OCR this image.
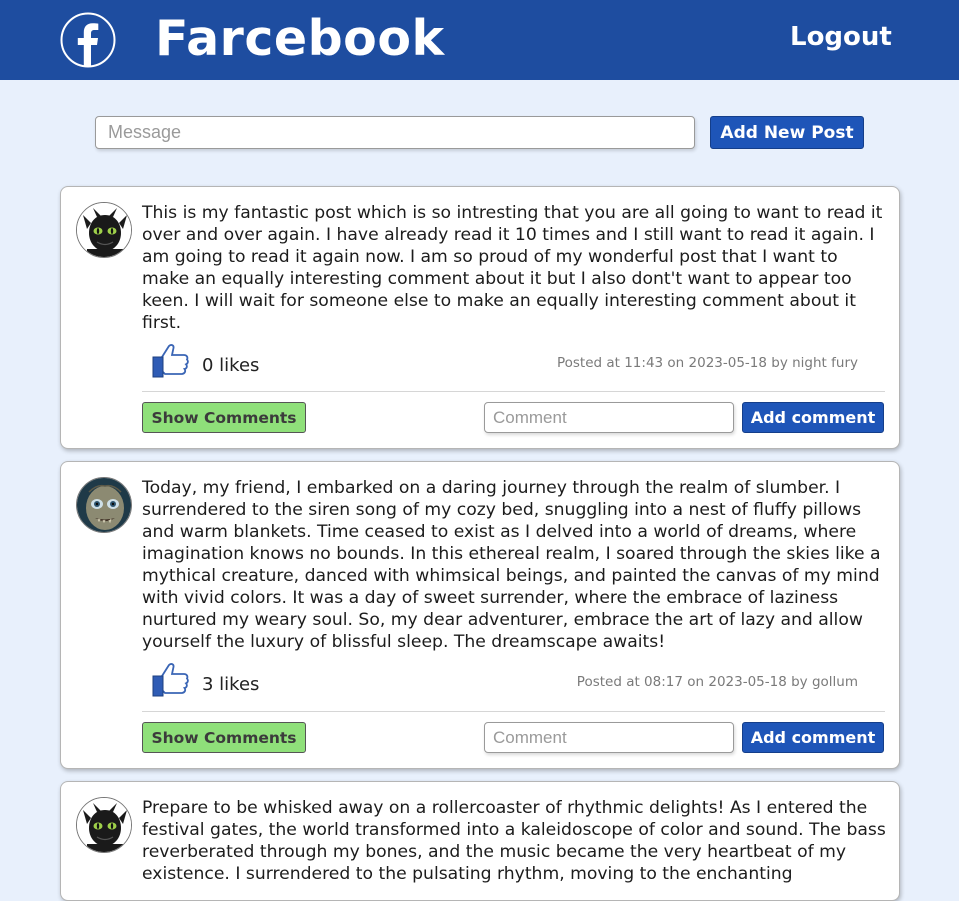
Farcebook	Logout
Message
Add New Post
This is my fantastic post which is so intresting that you are all going to want to read it over and over again. I have already read it 10 times and I still want to read it again. I am going to read it again now. I am so proud of my wonderful post that I want to make an equally interesting comment about it but I also dont't want to appear too keen. I will wait for someone else to make an equally interesting comment about it first.
0 likes	Posted at 11:43 on 2023-05-18 by night fury
Show Comments
Comment	Add comment
Today, my friend, I embarked on a daring journey through the realm of slumber. I surrendered to the siren song of my cozy bed, snuggling into a nest of fluffy pillows and warm blankets. Time ceased to exist as I delved into a world of dreams, where imagination knows no bounds. In this ethereal realm, I soared through the skies like a mythical creature, danced with whimsical beings, and painted the canvas of my mind with vivid colors. It was a day of sweet surrender, where the embrace of laziness nurtured my weary soul. So, my dear adventurer, embrace the art of lazy and allow yourself the luxury of blissful sleep. The dreamscape awaits!
3 likes	Posted at 08:17 on 2023-05-18 by gollum
Show Comments
Comment	Add comment
Prepare to be whisked away on a rollercoaster of rhythmic delights! As I entered the festival gates, the world transformed into a kaleidoscope of color and sound. The bass reverberated through my bones, and the music became the very heartbeat of my existence. I surrendered to the pulsating rhythm, moving to the enchanting
